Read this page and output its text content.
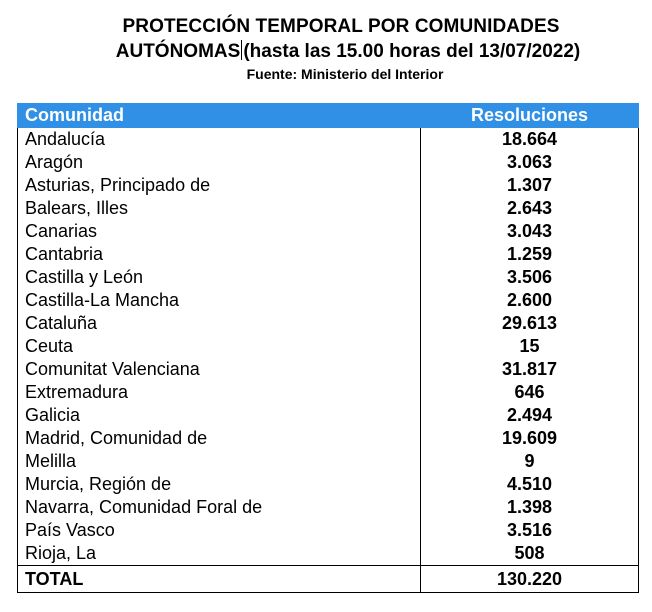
PROTECCIÓN TEMPORAL POR COMUNIDADES
AUTÓNOMAS (hasta las 15.00 horas del 13/07/2022)
Fuente: Ministerio del Interior
Comunidad	Resoluciones
Andalucía	18.664
Aragón	3.063
Asturias, Principado de	1.307
Balears, Illes	2.643
Canarias	3.043
Cantabria	1.259
Castilla y León	3.506
Castilla-La Mancha	2.600
Cataluña	29.613
Ceuta	15
Comunitat Valenciana	31.817
Extremadura	646
Galicia	2.494
Madrid, Comunidad de	19.609
Melilla	9
Murcia, Región de	4.510
Navarra, Comunidad Foral de	1.398
País Vasco	3.516
Rioja, La	508
TOTAL	130.220
